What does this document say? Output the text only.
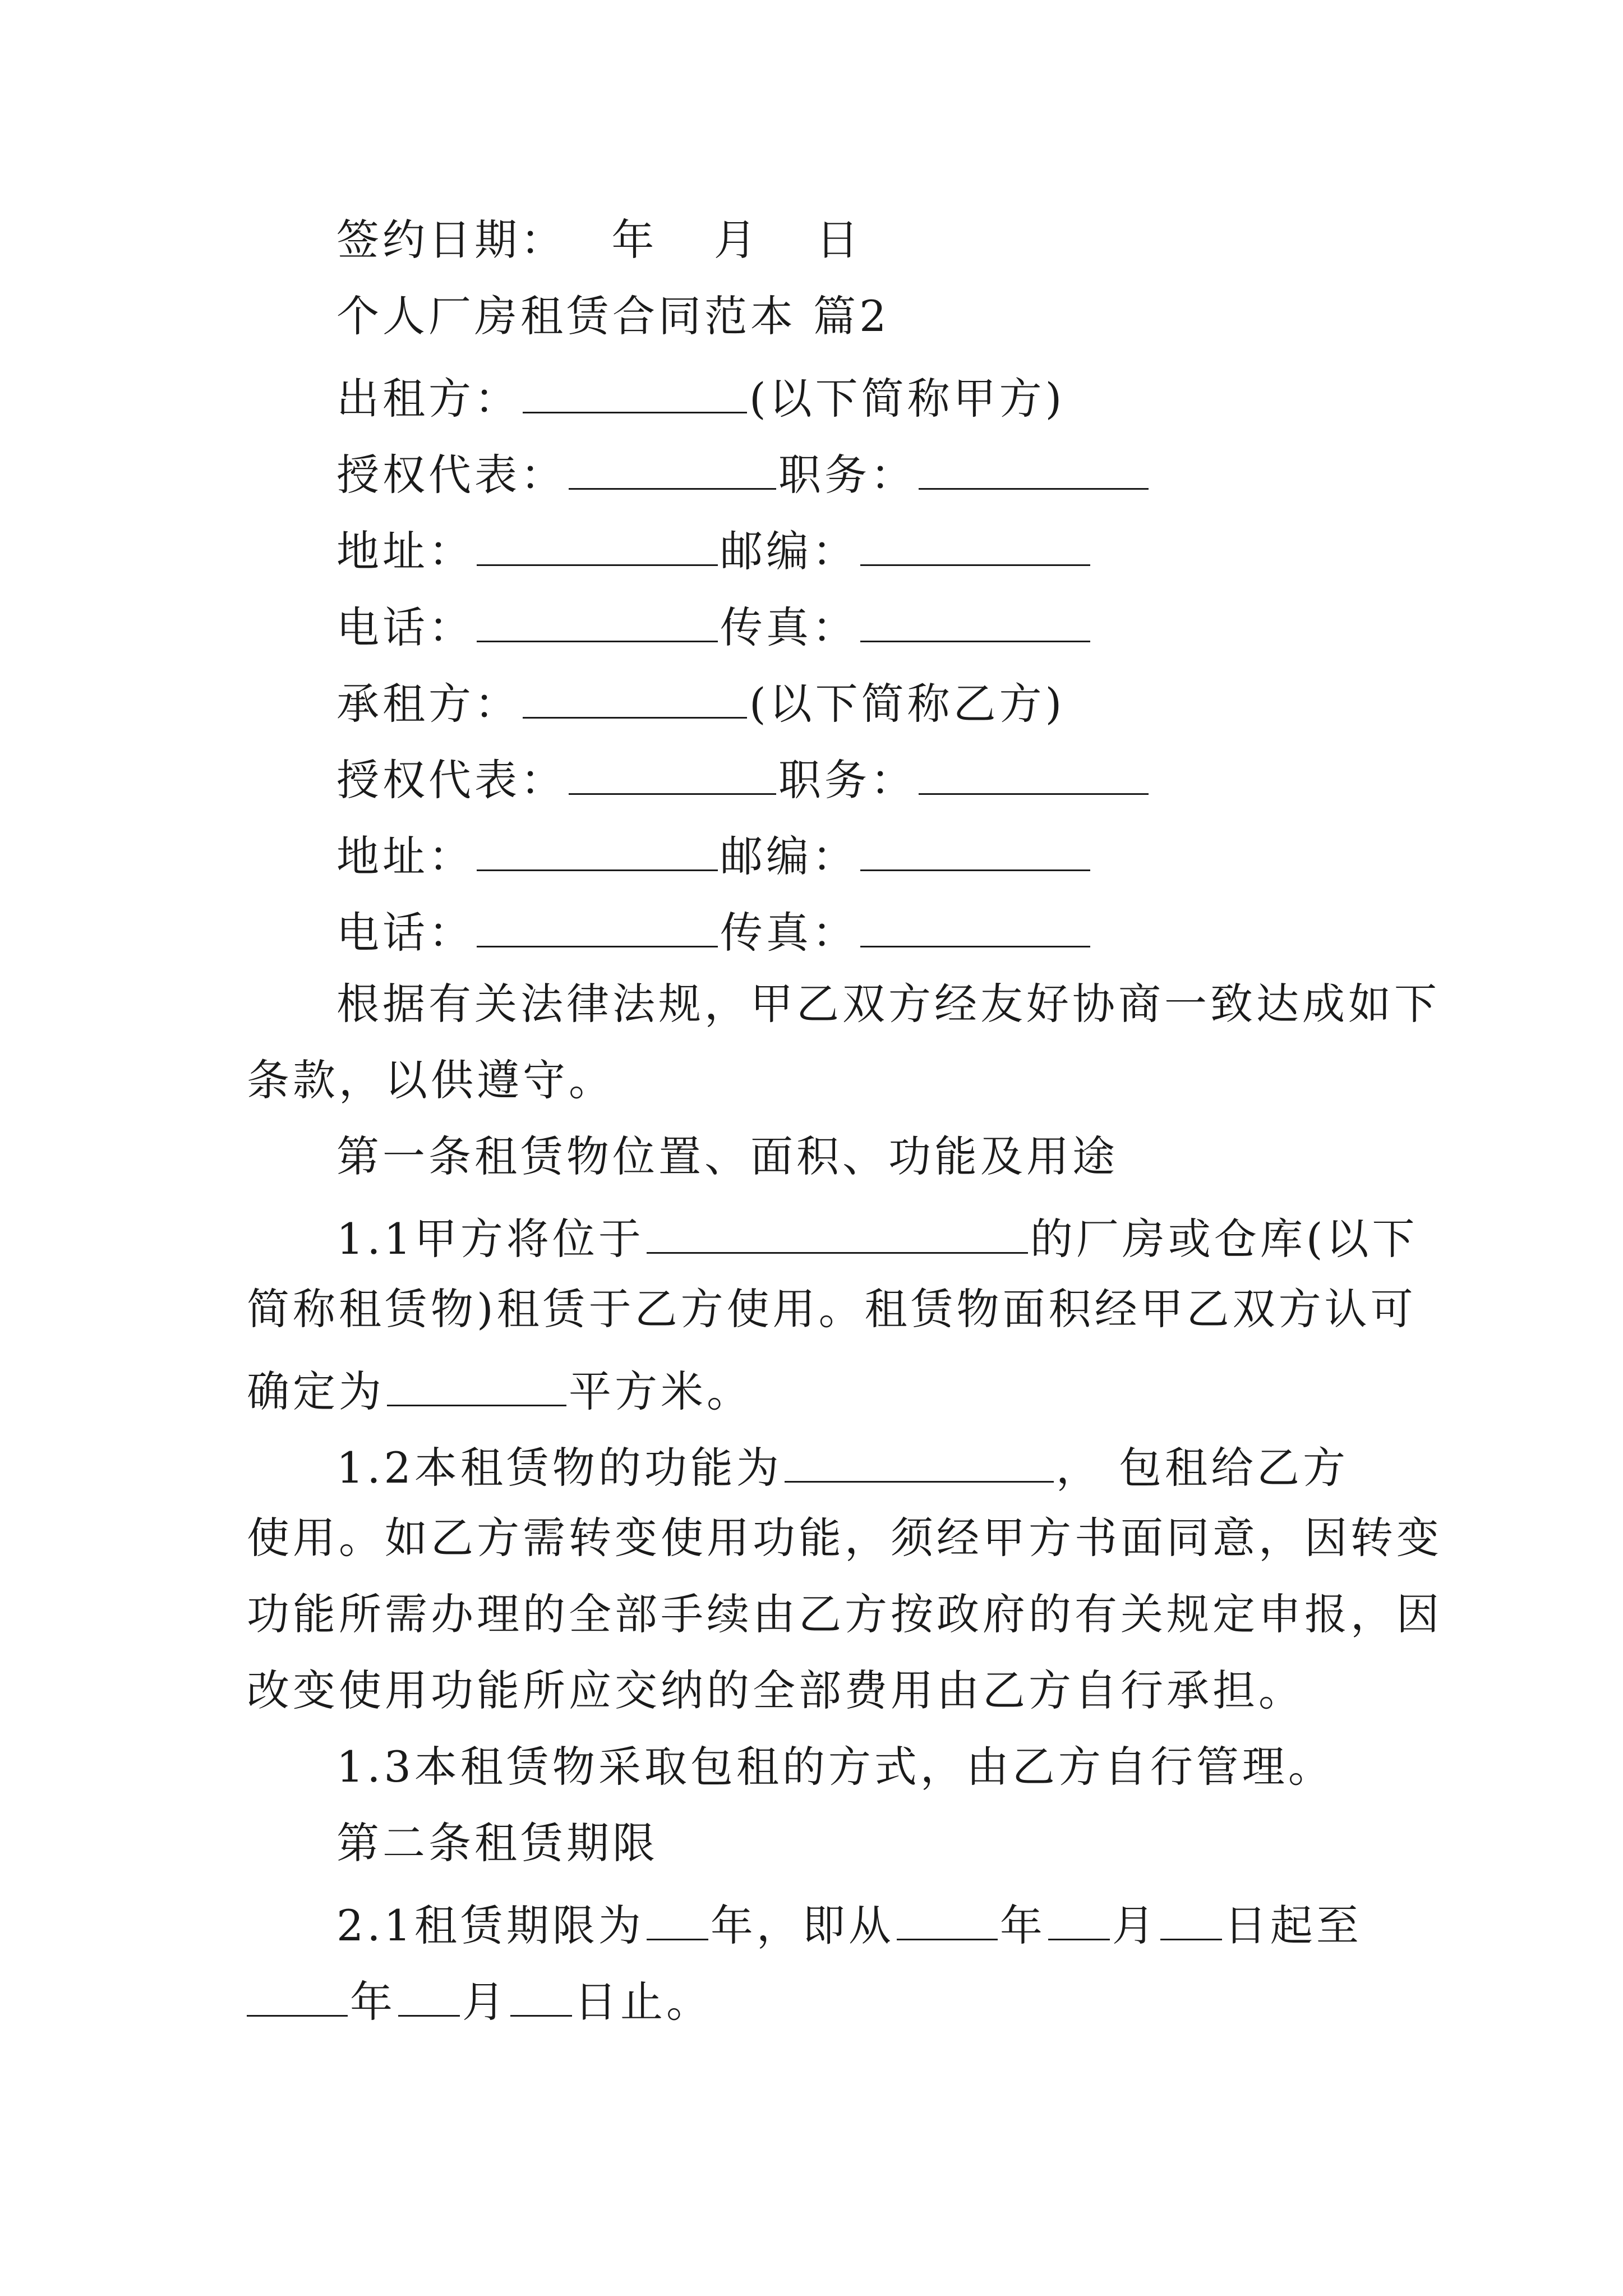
签约日期： 年 月 日
个人厂房租赁合同范本 篇2
出租方：	(以下简称甲方)
授权代表：	职务：
地址：	邮编：
电话：	传真：
承租方：	(以下简称乙方)
授权代表：	职务：
地址：	邮编：
电话：	传真：
根据有关法律法规，甲乙双方经友好协商一致达成如下
条款，以供遵守。
第一条租赁物位置、面积、功能及用途
1.1甲方将位于	的厂房或仓库(以下
简称租赁物)租赁于乙方使用。租赁物面积经甲乙双方认可
确定为	平方米。
1.2本租赁物的功能为	， 包租给乙方
使用。如乙方需转变使用功能，须经甲方书面同意，因转变
功能所需办理的全部手续由乙方按政府的有关规定申报，因
改变使用功能所应交纳的全部费用由乙方自行承担。
1.3本租赁物采取包租的方式，由乙方自行管理。
第二条租赁期限
2.1租赁期限为 年，即从 年 月 日起至
年 月 日止。
